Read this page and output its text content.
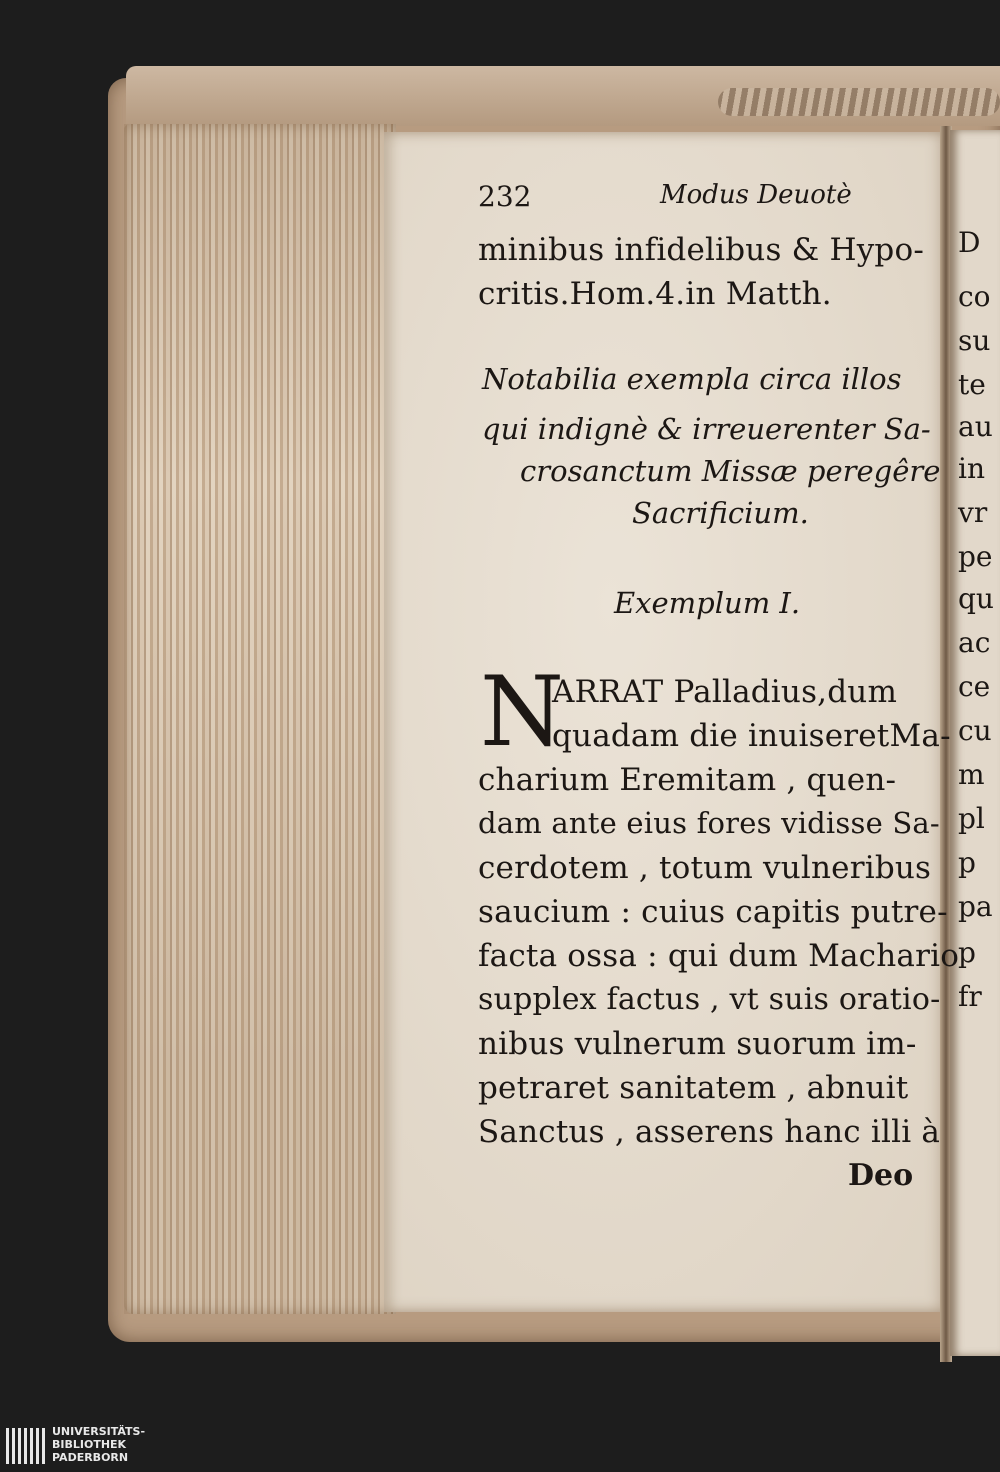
D
co
su
te
au
in
vr
pe
qu
ac
ce
cu
m
pl
p
pa
p
fr
232	Modus Deuotè
minibus infidelibus & Hypo-
critis.Hom.4.in Matth.
Notabilia exempla circa illos
qui indignè & irreuerenter Sa-
crosanctum Missæ peregêre
Sacrificium.
Exemplum I.
N
ARRAT Palladius,dum
quadam die inuiseretMa-
charium Eremitam , quen-
dam ante eius fores vidisse Sa-
cerdotem , totum vulneribus
saucium : cuius capitis putre-
facta ossa : qui dum Machario
supplex factus , vt suis oratio-
nibus vulnerum suorum im-
petraret sanitatem , abnuit
Sanctus , asserens hanc illi à
Deo
UNIVERSITÄTS-
BIBLIOTHEK
PADERBORN
